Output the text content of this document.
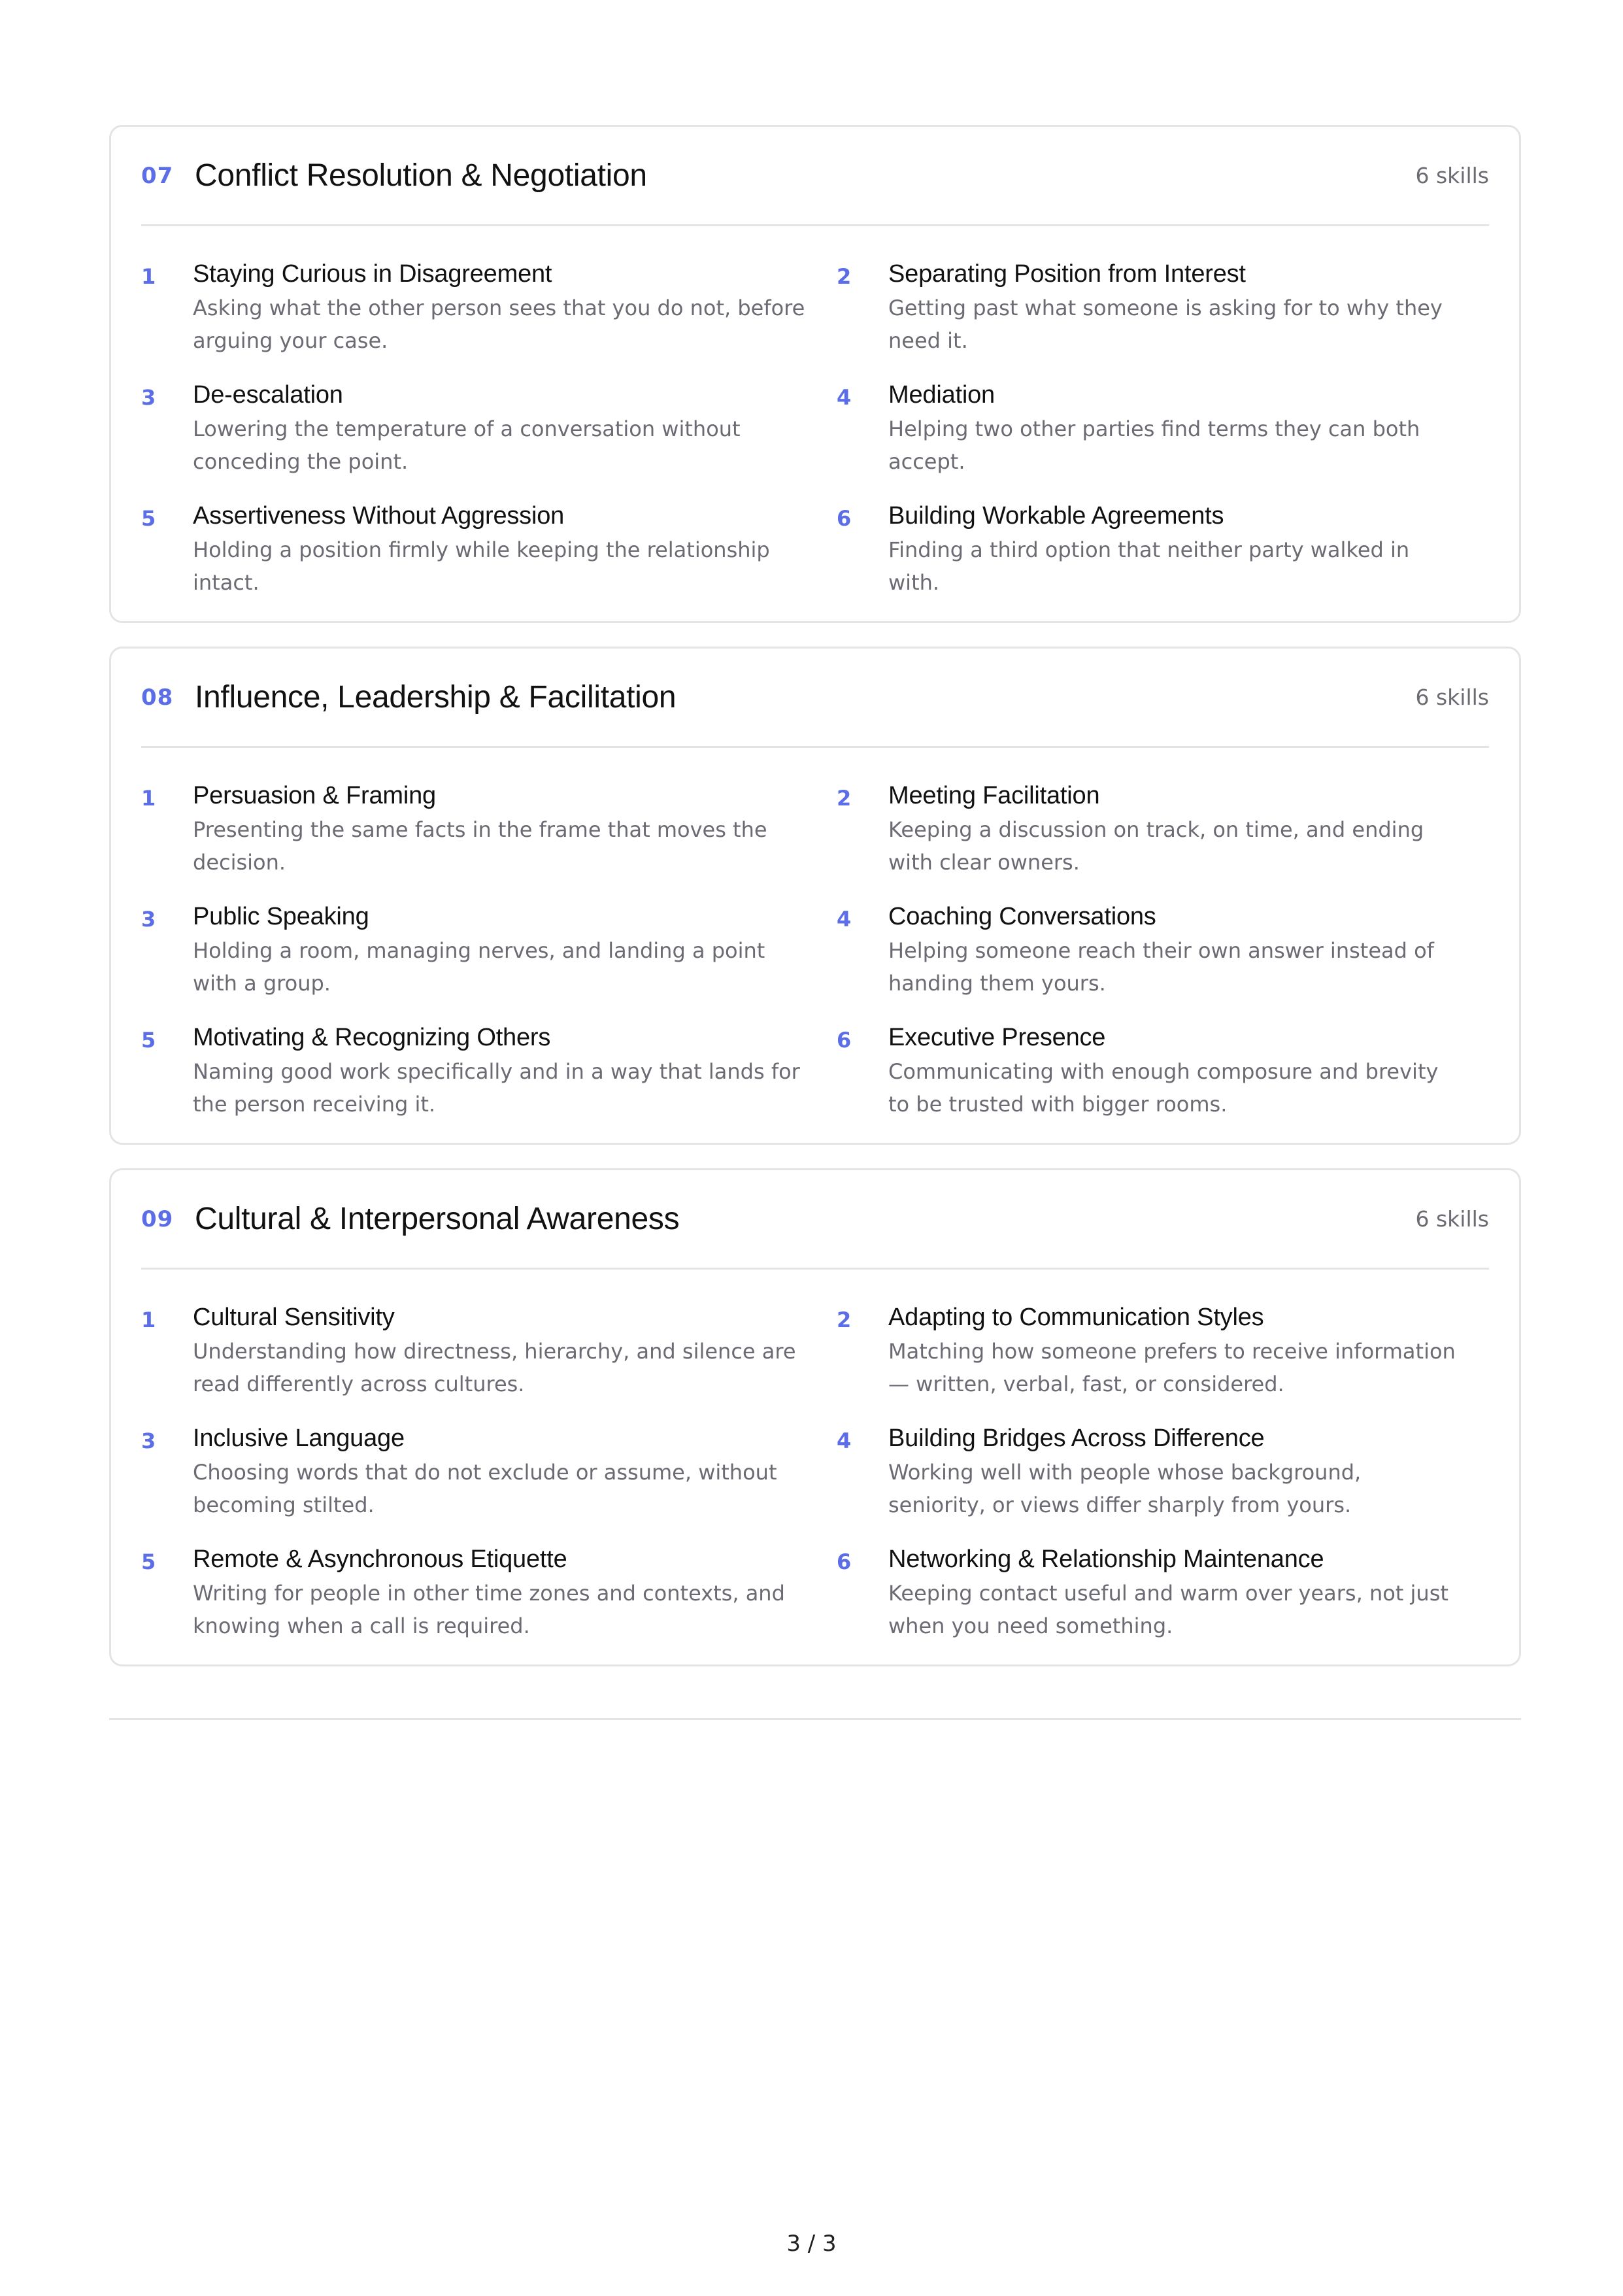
07 Conflict Resolution & Negotiation	6 skills
1	Staying Curious in Disagreement
Asking what the other person sees that you do not, before arguing your case.
2	Separating Position from Interest
Getting past what someone is asking for to why they need it.
3	De-escalation
Lowering the temperature of a conversation without conceding the point.
4	Mediation
Helping two other parties find terms they can both accept.
5	Assertiveness Without Aggression
Holding a position firmly while keeping the relationship intact.
6	Building Workable Agreements
Finding a third option that neither party walked in with.
08 Influence, Leadership & Facilitation	6 skills
1	Persuasion & Framing
Presenting the same facts in the frame that moves the decision.
2	Meeting Facilitation
Keeping a discussion on track, on time, and ending with clear owners.
3	Public Speaking
Holding a room, managing nerves, and landing a point with a group.
4	Coaching Conversations
Helping someone reach their own answer instead of handing them yours.
5	Motivating & Recognizing Others
Naming good work specifically and in a way that lands for the person receiving it.
6	Executive Presence
Communicating with enough composure and brevity to be trusted with bigger rooms.
09 Cultural & Interpersonal Awareness	6 skills
1	Cultural Sensitivity
Understanding how directness, hierarchy, and silence are read differently across cultures.
2	Adapting to Communication Styles
Matching how someone prefers to receive information — written, verbal, fast, or considered.
3	Inclusive Language
Choosing words that do not exclude or assume, without becoming stilted.
4	Building Bridges Across Difference
Working well with people whose background, seniority, or views differ sharply from yours.
5	Remote & Asynchronous Etiquette
Writing for people in other time zones and contexts, and knowing when a call is required.
6	Networking & Relationship Maintenance
Keeping contact useful and warm over years, not just when you need something.
3 / 3
